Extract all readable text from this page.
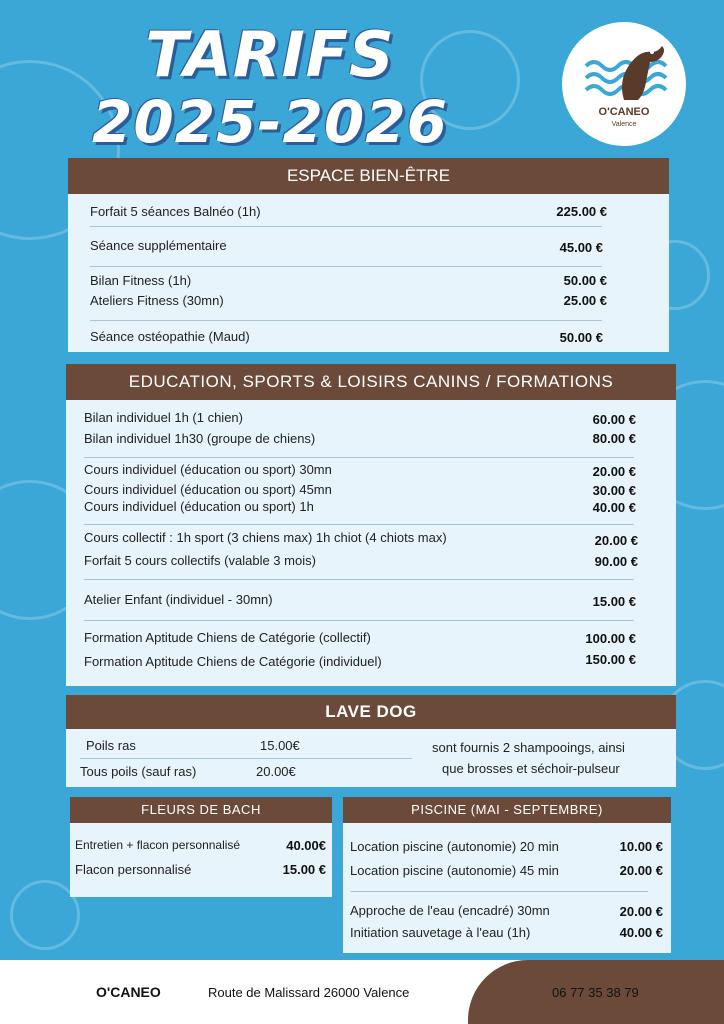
TARIFS
2025-2026	O'CANEO
Valence
ESPACE BIEN-ÊTRE
Forfait 5 séances Balnéo (1h)	225.00 €
Séance supplémentaire	45.00 €
Bilan Fitness (1h)	50.00 €
Ateliers Fitness (30mn)	25.00 €
Séance ostéopathie (Maud)	50.00 €
EDUCATION, SPORTS & LOISIRS CANINS / FORMATIONS
Bilan individuel 1h (1 chien)	60.00 €
Bilan individuel 1h30 (groupe de chiens)	80.00 €
Cours individuel (éducation ou sport) 30mn	20.00 €
Cours individuel (éducation ou sport) 45mn	30.00 €
Cours individuel (éducation ou sport) 1h	40.00 €
Cours collectif : 1h sport (3 chiens max) 1h chiot (4 chiots max)	20.00 €
Forfait 5 cours collectifs (valable 3 mois)	90.00 €
Atelier Enfant (individuel - 30mn)	15.00 €
Formation Aptitude Chiens de Catégorie (collectif)	100.00 €
Formation Aptitude Chiens de Catégorie (individuel)	150.00 €
LAVE DOG
Poils ras	15.00€
Tous poils (sauf ras)	20.00€
sont fournis 2 shampooings, ainsi
que brosses et séchoir-pulseur
FLEURS DE BACH
Entretien + flacon personnalisé	40.00€
Flacon personnalisé	15.00 €
PISCINE (MAI - SEPTEMBRE)
Location piscine (autonomie) 20 min	10.00 €
Location piscine (autonomie) 45 min	20.00 €
Approche de l'eau (encadré) 30mn	20.00 €
Initiation sauvetage à l'eau (1h)	40.00 €
O'CANEO	Route de Malissard 26000 Valence	06 77 35 38 79
